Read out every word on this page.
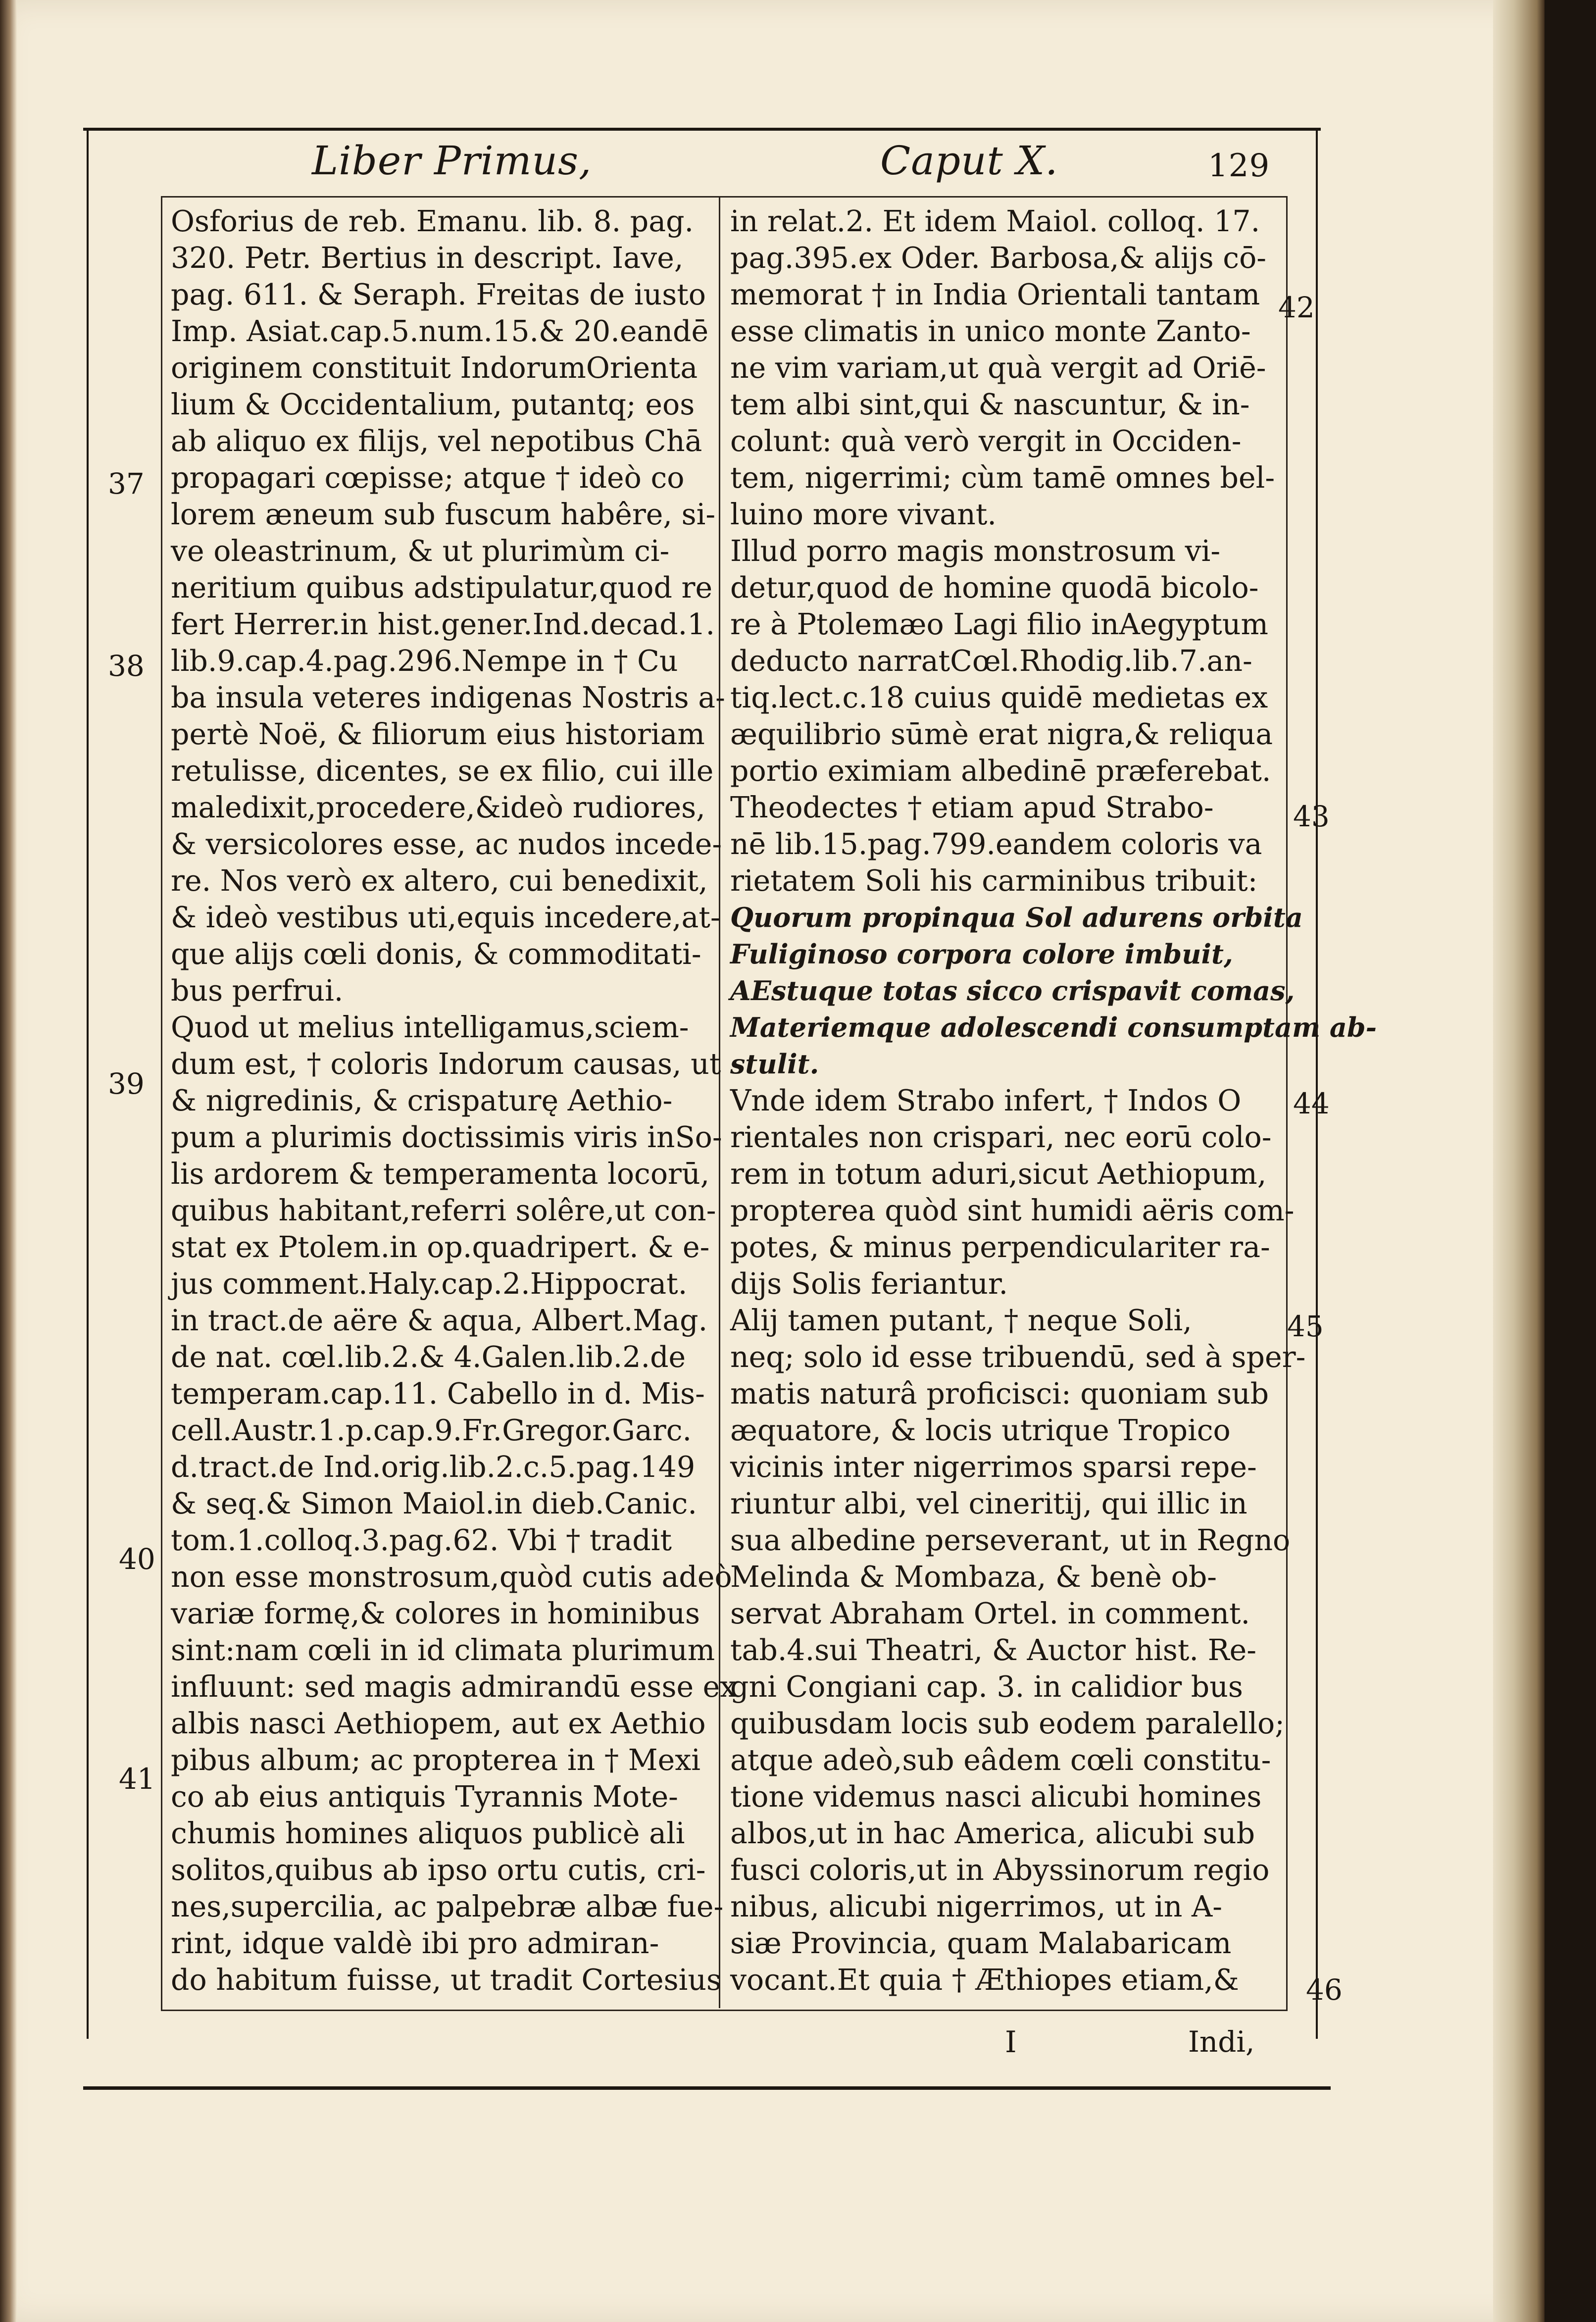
Liber Primus,	Caput X.	129
Osforius de reb. Emanu. lib. 8. pag.
320. Petr. Bertius in descript. Iave,
pag. 611. & Seraph. Freitas de iusto
Imp. Asiat.cap.5.num.15.& 20.eandē
originem constituit IndorumOrienta
lium & Occidentalium, putantq; eos
ab aliquo ex filijs, vel nepotibus Chā
propagari cœpisse; atque † ideò co
lorem æneum sub fuscum habêre, si-
ve oleastrinum, & ut plurimùm ci-
neritium quibus adstipulatur,quod re
fert Herrer.in hist.gener.Ind.decad.1.
lib.9.cap.4.pag.296.Nempe in † Cu
ba insula veteres indigenas Nostris a-
pertè Noë, & filiorum eius historiam
retulisse, dicentes, se ex filio, cui ille
maledixit,procedere,&ideò rudiores,
& versicolores esse, ac nudos incede-
re. Nos verò ex altero, cui benedixit,
& ideò vestibus uti,equis incedere,at-
que alijs cœli donis, & commoditati-
bus perfrui.
Quod ut melius intelligamus,sciem-
dum est, † coloris Indorum causas, ut
& nigredinis, & crispaturę Aethio-
pum a plurimis doctissimis viris inSo-
lis ardorem & temperamenta locorū,
quibus habitant,referri solêre,ut con-
stat ex Ptolem.in op.quadripert. & e-
jus comment.Haly.cap.2.Hippocrat.
in tract.de aëre & aqua, Albert.Mag.
de nat. cœl.lib.2.& 4.Galen.lib.2.de
temperam.cap.11. Cabello in d. Mis-
cell.Austr.1.p.cap.9.Fr.Gregor.Garc.
d.tract.de Ind.orig.lib.2.c.5.pag.149
& seq.& Simon Maiol.in dieb.Canic.
tom.1.colloq.3.pag.62. Vbi † tradit
non esse monstrosum,quòd cutis adeò
variæ formę,& colores in hominibus
sint:nam cœli in id climata plurimum
influunt: sed magis admirandū esse ex
albis nasci Aethiopem, aut ex Aethio
pibus album; ac propterea in † Mexi
co ab eius antiquis Tyrannis Mote-
chumis homines aliquos publicè ali
solitos,quibus ab ipso ortu cutis, cri-
nes,supercilia, ac palpebræ albæ fue-
rint, idque valdè ibi pro admiran-
do habitum fuisse, ut tradit Cortesius
in relat.2. Et idem Maiol. colloq. 17.
pag.395.ex Oder. Barbosa,& alijs cō-
memorat † in India Orientali tantam
esse climatis in unico monte Zanto-
ne vim variam,ut quà vergit ad Oriē-
tem albi sint,qui & nascuntur, & in-
colunt: quà verò vergit in Occiden-
tem, nigerrimi; cùm tamē omnes bel-
luino more vivant.
Illud porro magis monstrosum vi-
detur,quod de homine quodā bicolo-
re à Ptolemæo Lagi filio inAegyptum
deducto narratCœl.Rhodig.lib.7.an-
tiq.lect.c.18 cuius quidē medietas ex
æquilibrio sūmè erat nigra,& reliqua
portio eximiam albedinē præferebat.
Theodectes † etiam apud Strabo-
nē lib.15.pag.799.eandem coloris va
rietatem Soli his carminibus tribuit:
Quorum propinqua Sol adurens orbita
Fuliginoso corpora colore imbuit,
AEstuque totas sicco crispavit comas,
Materiemque adolescendi consumptam ab-
stulit.
Vnde idem Strabo infert, † Indos O
rientales non crispari, nec eorū colo-
rem in totum aduri,sicut Aethiopum,
propterea quòd sint humidi aëris com-
potes, & minus perpendiculariter ra-
dijs Solis feriantur.
Alij tamen putant, † neque Soli,
neq; solo id esse tribuendū, sed à sper-
matis naturâ proficisci: quoniam sub
æquatore, & locis utrique Tropico
vicinis inter nigerrimos sparsi repe-
riuntur albi, vel cineritij, qui illic in
sua albedine perseverant, ut in Regno
Melinda & Mombaza, & benè ob-
servat Abraham Ortel. in comment.
tab.4.sui Theatri, & Auctor hist. Re-
gni Congiani cap. 3. in calidior bus
quibusdam locis sub eodem paralello;
atque adeò,sub eâdem cœli constitu-
tione videmus nasci alicubi homines
albos,ut in hac America, alicubi sub
fusci coloris,ut in Abyssinorum regio
nibus, alicubi nigerrimos, ut in A-
siæ Provincia, quam Malabaricam
vocant.Et quia † Æthiopes etiam,&
37
38
39
40
41
42
43
44
45
46
I	Indi,
